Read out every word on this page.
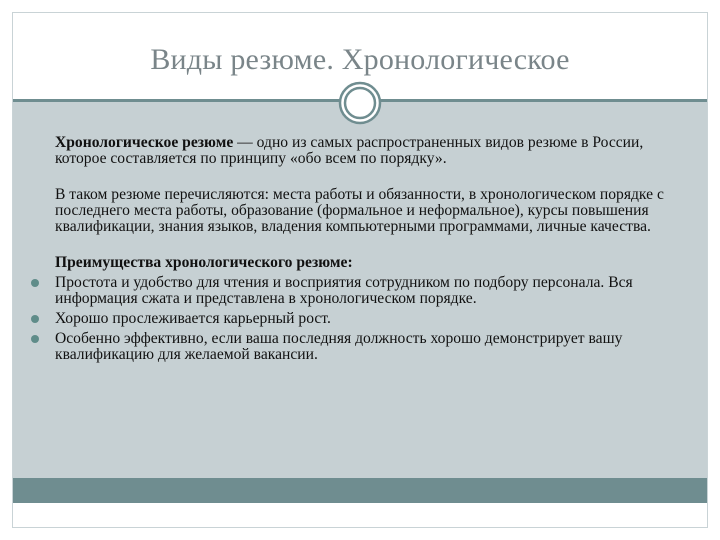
Виды резюме. Хронологическое

Хронологическое резюме — одно из самых распространенных видов резюме в России, которое составляется по принципу «обо всем по порядку».

В таком резюме перечисляются: места работы и обязанности, в хронологическом порядке с последнего места работы, образование (формальное и неформальное), курсы повышения квалификации, знания языков, владения компьютерными программами, личные качества.

Преимущества хронологического резюме:

Простота и удобство для чтения и восприятия сотрудником по подбору персонала. Вся информация сжата и представлена в хронологическом порядке.
Хорошо прослеживается карьерный рост.
Особенно эффективно, если ваша последняя должность хорошо демонстрирует вашу квалификацию для желаемой вакансии.
